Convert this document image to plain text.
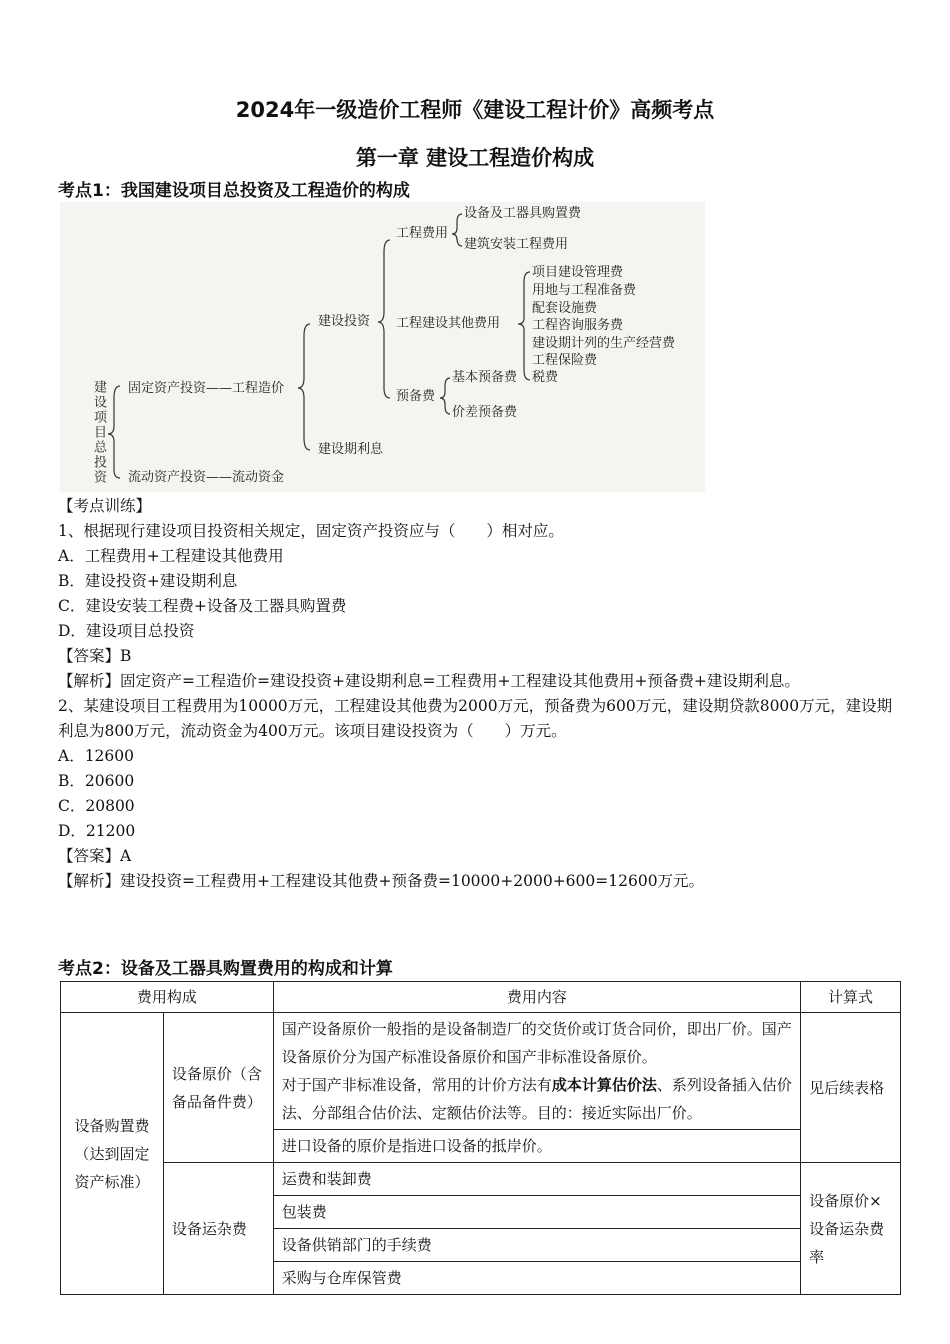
2024年一级造价工程师《建设工程计价》高频考点
第一章 建设工程造价构成
考点1：我国建设项目总投资及工程造价的构成
建设项目总投资 固定资产投资——工程造价
流动资产投资——流动资金
建设投资
建设期利息
工程费用
工程建设其他费用
预备费
设备及工器具购置费
建筑安装工程费用
项目建设管理费
用地与工程准备费
配套设施费
工程咨询服务费
建设期计列的生产经营费
工程保险费
税费
基本预备费
价差预备费
【考点训练】
1、根据现行建设项目投资相关规定，固定资产投资应与（　　）相对应。
A．工程费用+工程建设其他费用
B．建设投资+建设期利息
C．建设安装工程费+设备及工器具购置费
D．建设项目总投资
【答案】B
【解析】固定资产=工程造价=建设投资+建设期利息=工程费用+工程建设其他费用+预备费+建设期利息。
2、某建设项目工程费用为10000万元，工程建设其他费为2000万元，预备费为600万元，建设期贷款8000万元，建设期利息为800万元，流动资金为400万元。该项目建设投资为（　　）万元。
A．12600
B．20600
C．20800
D．21200
【答案】A
【解析】建设投资=工程费用+工程建设其他费+预备费=10000+2000+600=12600万元。
考点2：设备及工器具购置费用的构成和计算
费用构成		费用内容	计算式
设备购置费（达到固定资产标准）	设备原价（含备品备件费）	国产设备原价一般指的是设备制造厂的交货价或订货合同价，即出厂价。国产设备原价分为国产标准设备原价和国产非标准设备原价。
对于国产非标准设备，常用的计价方法有成本计算估价法、系列设备插入估价法、分部组合估价法、定额估价法等。目的：接近实际出厂价。	见后续表格
		进口设备的原价是指进口设备的抵岸价。	
	设备运杂费	运费和装卸费	设备原价×设备运杂费率
		包装费	
		设备供销部门的手续费	
		采购与仓库保管费	
